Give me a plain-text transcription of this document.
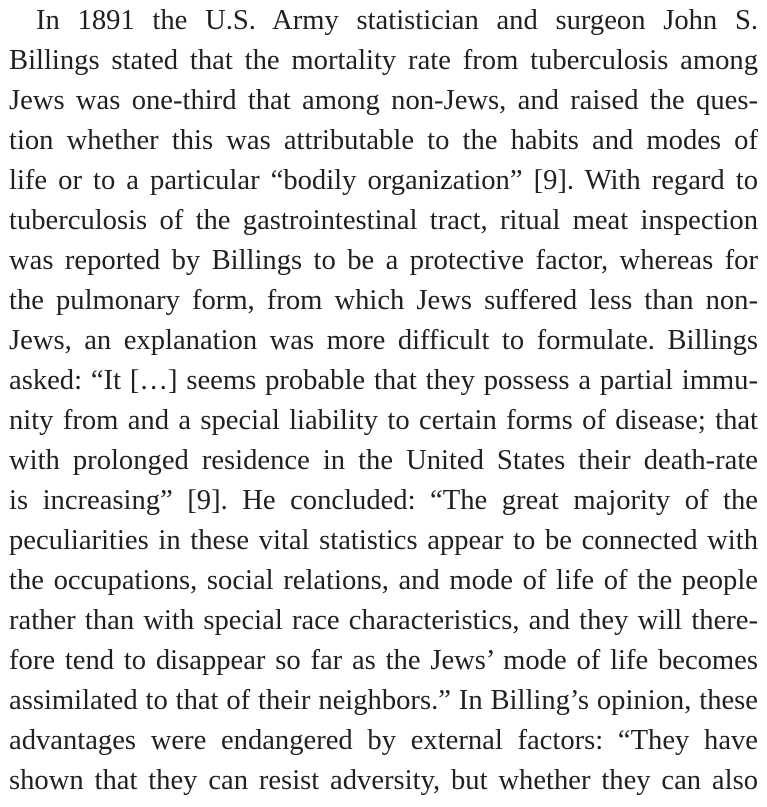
In 1891 the U.S. Army statistician and surgeon John S.
Billings stated that the mortality rate from tuberculosis among
Jews was one-third that among non-Jews, and raised the ques-
tion whether this was attributable to the habits and modes of
life or to a particular “bodily organization” [9]. With regard to
tuberculosis of the gastrointestinal tract, ritual meat inspection
was reported by Billings to be a protective factor, whereas for
the pulmonary form, from which Jews suffered less than non-
Jews, an explanation was more difficult to formulate. Billings
asked: “It […] seems probable that they possess a partial immu-
nity from and a special liability to certain forms of disease; that
with prolonged residence in the United States their death-rate
is increasing” [9]. He concluded: “The great majority of the
peculiarities in these vital statistics appear to be connected with
the occupations, social relations, and mode of life of the people
rather than with special race characteristics, and they will there-
fore tend to disappear so far as the Jews’ mode of life becomes
assimilated to that of their neighbors.” In Billing’s opinion, these
advantages were endangered by external factors: “They have
shown that they can resist adversity, but whether they can also
